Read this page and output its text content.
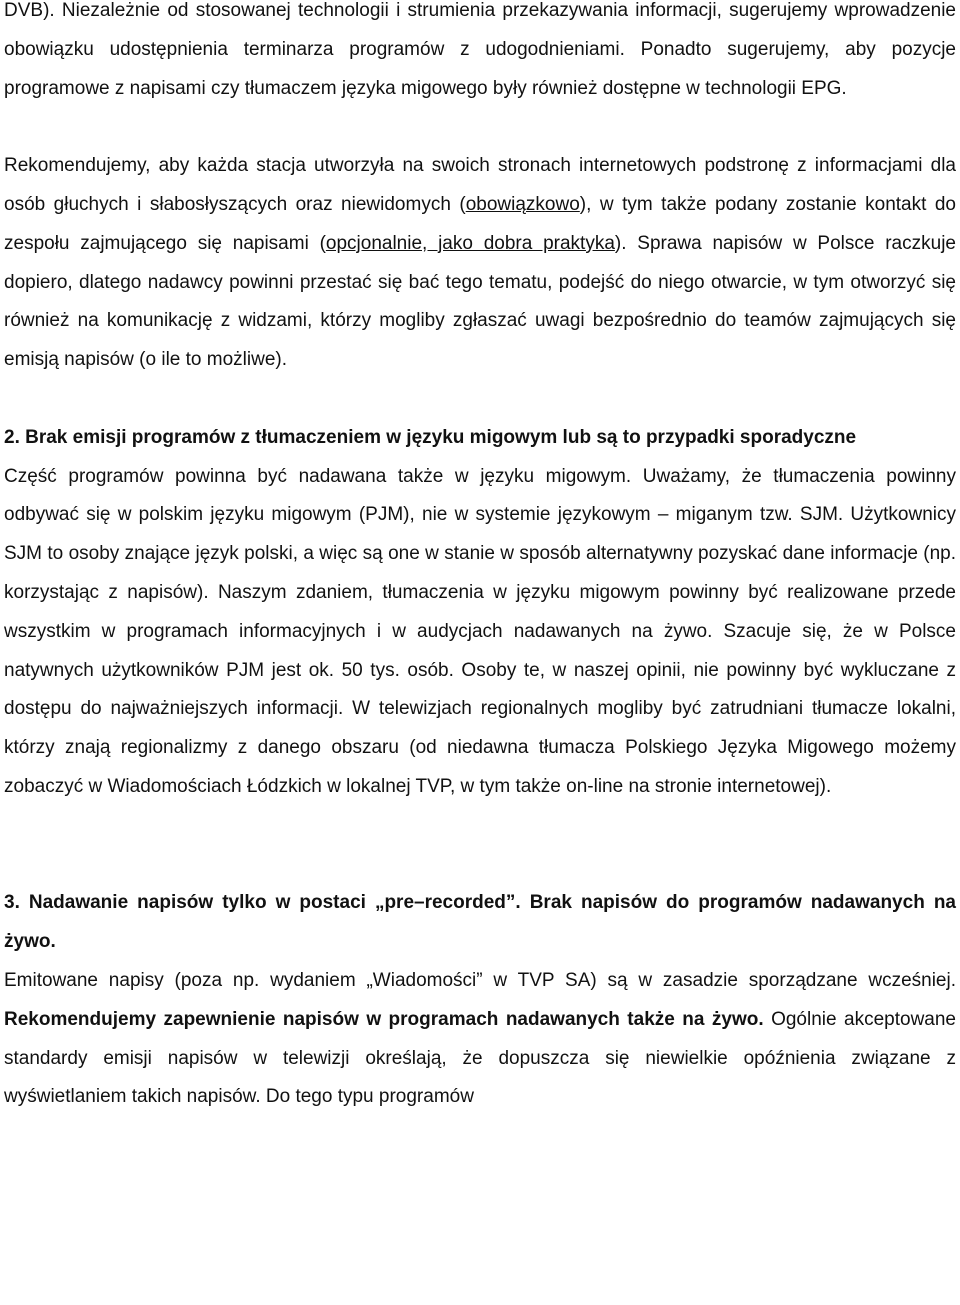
DVB). Niezależnie od stosowanej technologii i strumienia przekazywania informacji, sugerujemy wprowadzenie obowiązku udostępnienia terminarza programów z udogodnieniami. Ponadto sugerujemy, aby pozycje programowe z napisami czy tłumaczem języka migowego były również dostępne w technologii EPG.

Rekomendujemy, aby każda stacja utworzyła na swoich stronach internetowych podstronę z informacjami dla osób głuchych i słabosłyszących oraz niewidomych (obowiązkowo), w tym także podany zostanie kontakt do zespołu zajmującego się napisami (opcjonalnie, jako dobra praktyka). Sprawa napisów w Polsce raczkuje dopiero, dlatego nadawcy powinni przestać się bać tego tematu, podejść do niego otwarcie, w tym otworzyć się również na komunikację z widzami, którzy mogliby zgłaszać uwagi bezpośrednio do teamów zajmujących się emisją napisów (o ile to możliwe).

2. Brak emisji programów z tłumaczeniem w języku migowym lub są to przypadki sporadyczne

Część programów powinna być nadawana także w języku migowym. Uważamy, że tłumaczenia powinny odbywać się w polskim języku migowym (PJM), nie w systemie językowym – miganym tzw. SJM. Użytkownicy SJM to osoby znające język polski, a więc są one w stanie w sposób alternatywny pozyskać dane informacje (np. korzystając z napisów). Naszym zdaniem, tłumaczenia w języku migowym powinny być realizowane przede wszystkim w programach informacyjnych i w audycjach nadawanych na żywo. Szacuje się, że w Polsce natywnych użytkowników PJM jest ok. 50 tys. osób. Osoby te, w naszej opinii, nie powinny być wykluczane z dostępu do najważniejszych informacji. W telewizjach regionalnych mogliby być zatrudniani tłumacze lokalni, którzy znają regionalizmy z danego obszaru (od niedawna tłumacza Polskiego Języka Migowego możemy zobaczyć w Wiadomościach Łódzkich w lokalnej TVP, w tym także on-line na stronie internetowej).

3. Nadawanie napisów tylko w postaci „pre–recorded”. Brak napisów do programów nadawanych na żywo.

Emitowane napisy (poza np. wydaniem „Wiadomości” w TVP SA) są w zasadzie sporządzane wcześniej. Rekomendujemy zapewnienie napisów w programach nadawanych także na żywo. Ogólnie akceptowane standardy emisji napisów w telewizji określają, że dopuszcza się niewielkie opóźnienia związane z wyświetlaniem takich napisów. Do tego typu programów
